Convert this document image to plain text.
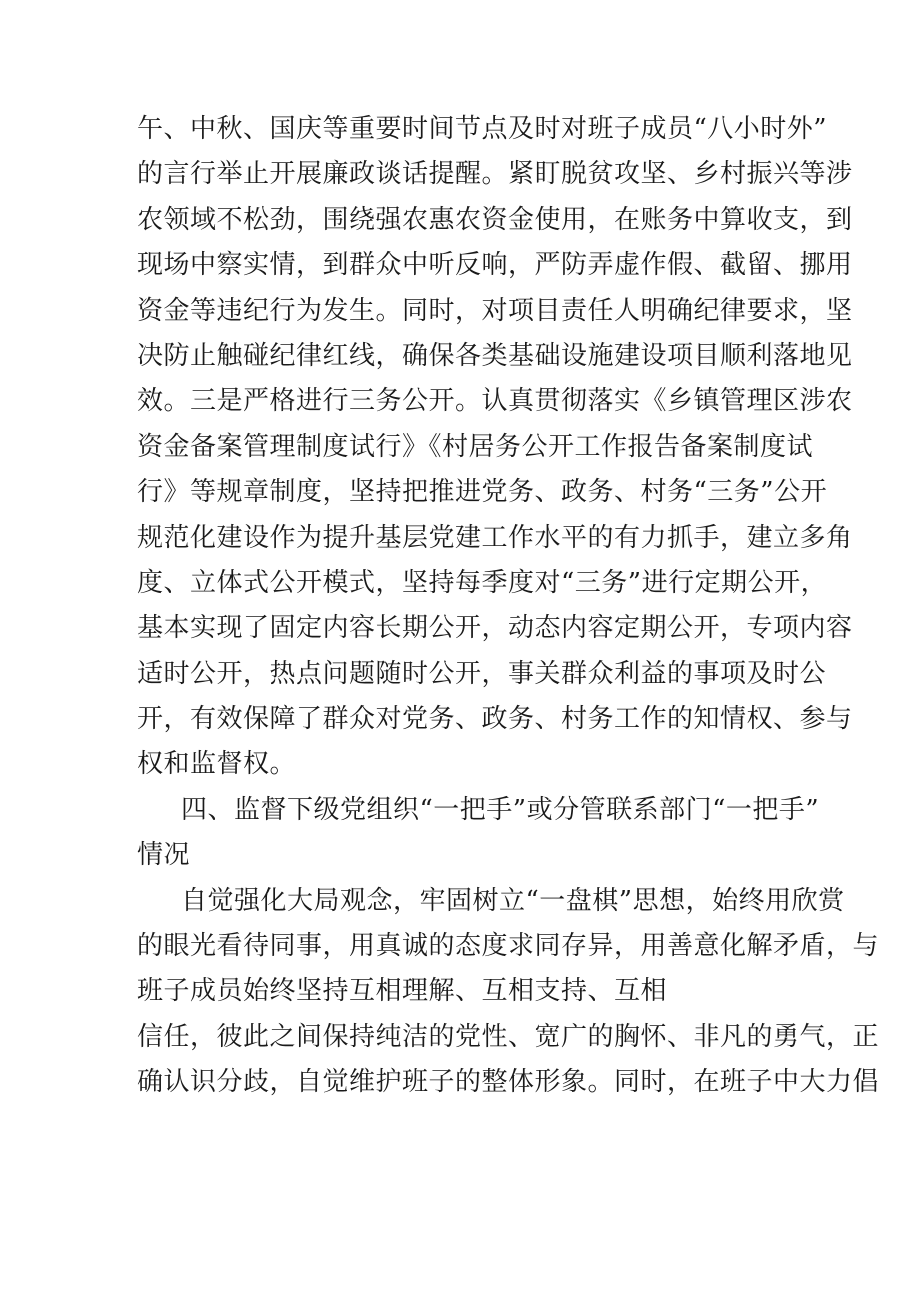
午、中秋、国庆等重要时间节点及时对班子成员“八小时外”
的言行举止开展廉政谈话提醒。紧盯脱贫攻坚、乡村振兴等涉
农领域不松劲，围绕强农惠农资金使用，在账务中算收支，到
现场中察实情，到群众中听反响，严防弄虚作假、截留、挪用
资金等违纪行为发生。同时，对项目责任人明确纪律要求，坚
决防止触碰纪律红线，确保各类基础设施建设项目顺利落地见
效。三是严格进行三务公开。认真贯彻落实《乡镇管理区涉农
资金备案管理制度试行》《村居务公开工作报告备案制度试
行》等规章制度，坚持把推进党务、政务、村务“三务”公开
规范化建设作为提升基层党建工作水平的有力抓手，建立多角
度、立体式公开模式，坚持每季度对“三务”进行定期公开，
基本实现了固定内容长期公开，动态内容定期公开，专项内容
适时公开，热点问题随时公开，事关群众利益的事项及时公
开，有效保障了群众对党务、政务、村务工作的知情权、参与
权和监督权。
四、监督下级党组织“一把手”或分管联系部门“一把手”
情况
自觉强化大局观念，牢固树立“一盘棋”思想，始终用欣赏
的眼光看待同事，用真诚的态度求同存异，用善意化解矛盾，与
班子成员始终坚持互相理解、互相支持、互相
信任，彼此之间保持纯洁的党性、宽广的胸怀、非凡的勇气，正
确认识分歧，自觉维护班子的整体形象。同时，在班子中大力倡
